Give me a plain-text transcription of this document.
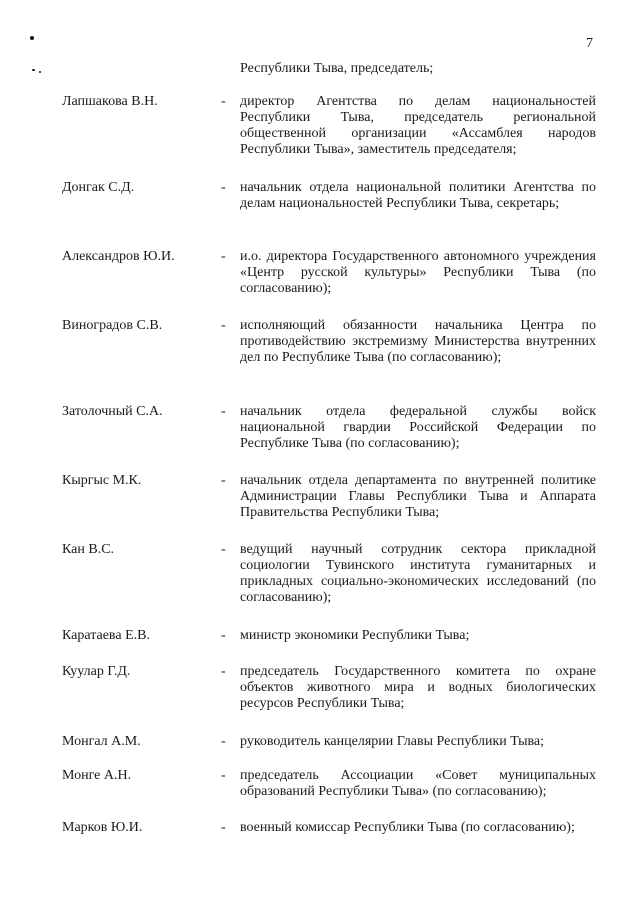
7
Республики Тыва, председатель;
Лапшакова В.Н.	- директор Агентства по делам национальностей Республики Тыва, председатель региональной общественной организации «Ассамблея народов Республики Тыва», заместитель председателя;
Донгак С.Д.	- начальник отдела национальной политики Агентства по делам национальностей Республики Тыва, секретарь;
Александров Ю.И.	- и.о. директора Государственного автономного учреждения «Центр русской культуры» Республики Тыва (по согласованию);
Виноградов С.В.	- исполняющий обязанности начальника Центра по противодействию экстремизму Министерства внутренних дел по Республике Тыва (по согласованию);
Затолочный С.А.	- начальник отдела федеральной службы войск национальной гвардии Российской Федерации по Республике Тыва (по согласованию);
Кыргыс М.К.	- начальник отдела департамента по внутренней политике Администрации Главы Республики Тыва и Аппарата Правительства Республики Тыва;
Кан В.С.	- ведущий научный сотрудник сектора прикладной социологии Тувинского института гуманитарных и прикладных социально-экономических исследований (по согласованию);
Каратаева Е.В.	- министр экономики Республики Тыва;
Куулар Г.Д.	- председатель Государственного комитета по охране объектов животного мира и водных биологических ресурсов Республики Тыва;
Монгал А.М.	- руководитель канцелярии Главы Республики Тыва;
Монге А.Н.	- председатель Ассоциации «Совет муниципальных образований Республики Тыва» (по согласованию);
Марков Ю.И.	- военный комиссар Республики Тыва (по согласованию);
